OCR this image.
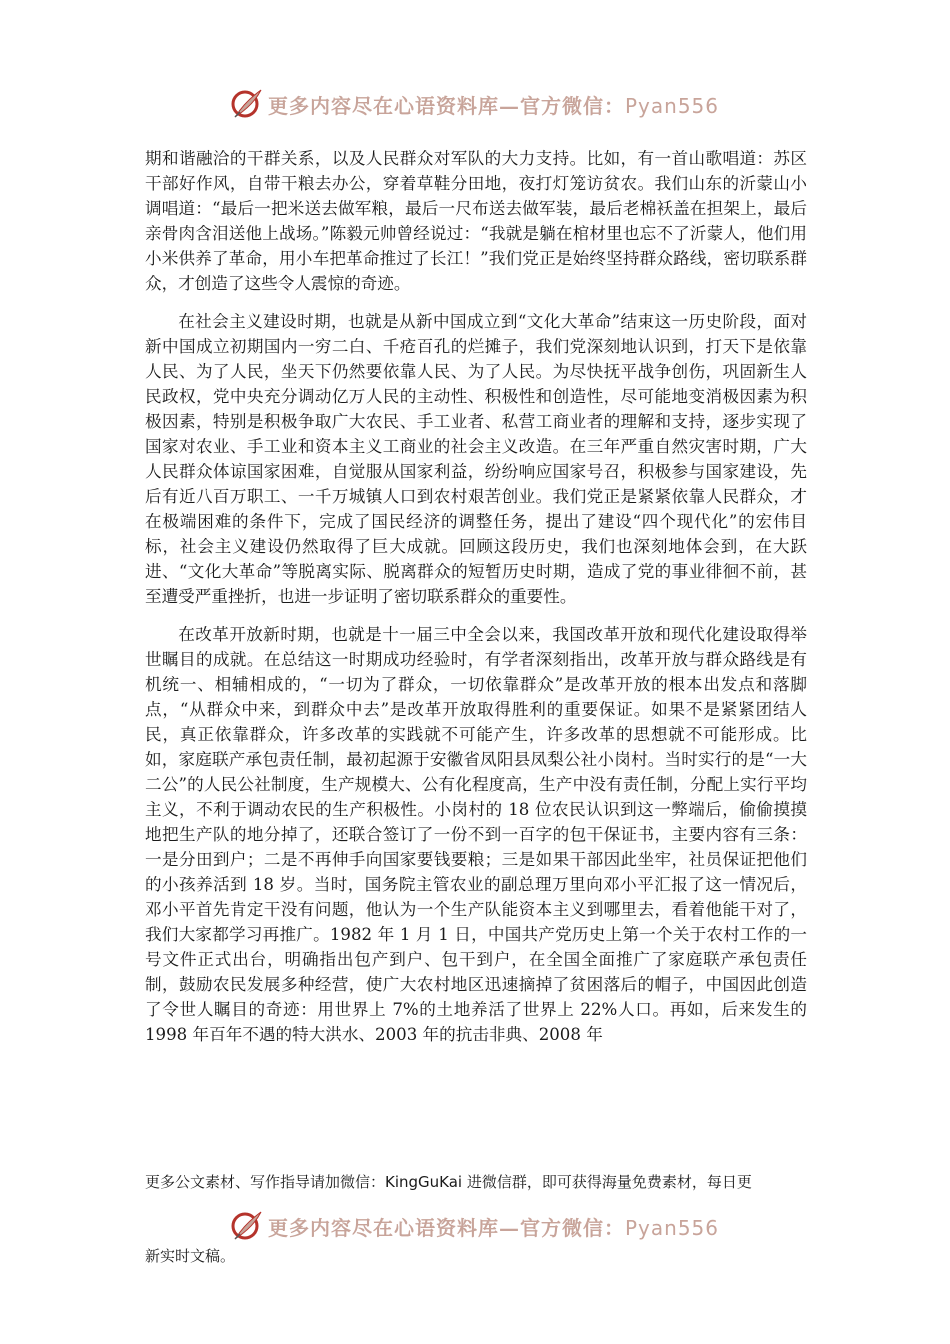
更多内容尽在心语资料库—官方微信：Pyan556

期和谐融洽的干群关系，以及人民群众对军队的大力支持。比如，有一首山歌唱道：苏区干部好作风，自带干粮去办公，穿着草鞋分田地，夜打灯笼访贫农。我们山东的沂蒙山小调唱道：“最后一把米送去做军粮，最后一尺布送去做军装，最后老棉袄盖在担架上，最后亲骨肉含泪送他上战场。”陈毅元帅曾经说过：“我就是躺在棺材里也忘不了沂蒙人，他们用小米供养了革命，用小车把革命推过了长江！”我们党正是始终坚持群众路线，密切联系群众，才创造了这些令人震惊的奇迹。

在社会主义建设时期，也就是从新中国成立到“文化大革命”结束这一历史阶段，面对新中国成立初期国内一穷二白、千疮百孔的烂摊子，我们党深刻地认识到，打天下是依靠人民、为了人民，坐天下仍然要依靠人民、为了人民。为尽快抚平战争创伤，巩固新生人民政权，党中央充分调动亿万人民的主动性、积极性和创造性，尽可能地变消极因素为积极因素，特别是积极争取广大农民、手工业者、私营工商业者的理解和支持，逐步实现了国家对农业、手工业和资本主义工商业的社会主义改造。在三年严重自然灾害时期，广大人民群众体谅国家困难，自觉服从国家利益，纷纷响应国家号召，积极参与国家建设，先后有近八百万职工、一千万城镇人口到农村艰苦创业。我们党正是紧紧依靠人民群众，才在极端困难的条件下，完成了国民经济的调整任务，提出了建设“四个现代化”的宏伟目标，社会主义建设仍然取得了巨大成就。回顾这段历史，我们也深刻地体会到，在大跃进、“文化大革命”等脱离实际、脱离群众的短暂历史时期，造成了党的事业徘徊不前，甚至遭受严重挫折，也进一步证明了密切联系群众的重要性。

在改革开放新时期，也就是十一届三中全会以来，我国改革开放和现代化建设取得举世瞩目的成就。在总结这一时期成功经验时，有学者深刻指出，改革开放与群众路线是有机统一、相辅相成的，“一切为了群众，一切依靠群众”是改革开放的根本出发点和落脚点，“从群众中来，到群众中去”是改革开放取得胜利的重要保证。如果不是紧紧团结人民，真正依靠群众，许多改革的实践就不可能产生，许多改革的思想就不可能形成。比如，家庭联产承包责任制，最初起源于安徽省凤阳县凤梨公社小岗村。当时实行的是“一大二公”的人民公社制度，生产规模大、公有化程度高，生产中没有责任制，分配上实行平均主义，不利于调动农民的生产积极性。小岗村的 18 位农民认识到这一弊端后，偷偷摸摸地把生产队的地分掉了，还联合签订了一份不到一百字的包干保证书，主要内容有三条：一是分田到户；二是不再伸手向国家要钱要粮；三是如果干部因此坐牢，社员保证把他们的小孩养活到 18 岁。当时，国务院主管农业的副总理万里向邓小平汇报了这一情况后，邓小平首先肯定干没有问题，他认为一个生产队能资本主义到哪里去，看着他能干对了，我们大家都学习再推广。1982 年 1 月 1 日，中国共产党历史上第一个关于农村工作的一号文件正式出台，明确指出包产到户、包干到户，在全国全面推广了家庭联产承包责任制，鼓励农民发展多种经营，使广大农村地区迅速摘掉了贫困落后的帽子，中国因此创造了令世人瞩目的奇迹：用世界上 7%的土地养活了世界上 22%人口。再如，后来发生的 1998 年百年不遇的特大洪水、2003 年的抗击非典、2008 年

更多公文素材、写作指导请加微信：KingGuKai 进微信群，即可获得海量免费素材，每日更
更多内容尽在心语资料库—官方微信：Pyan556
新实时文稿。
